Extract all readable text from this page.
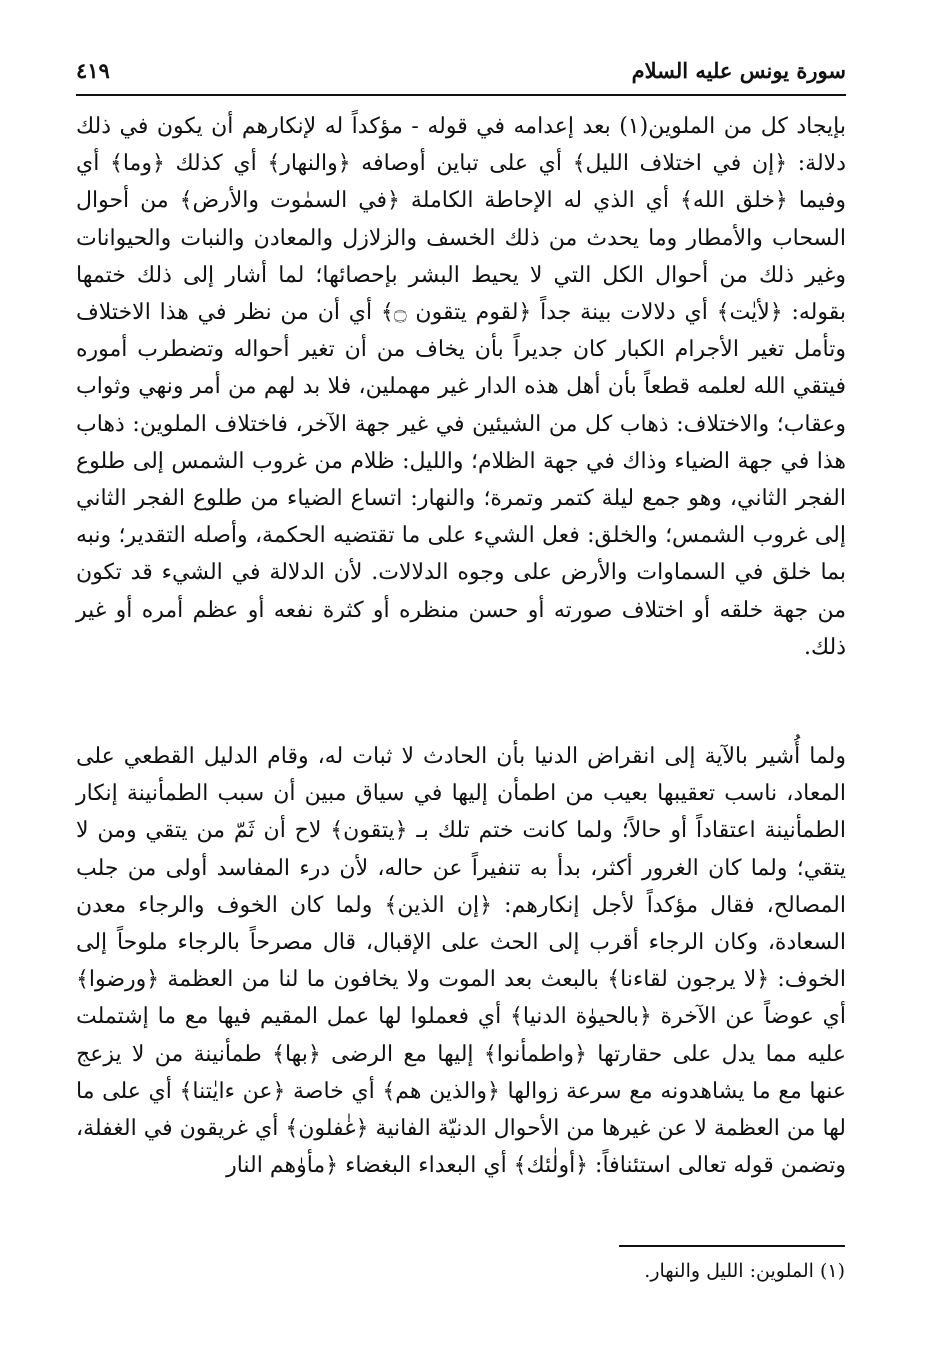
سورة يونس عليه السلام
٤١٩

بإيجاد كل من الملوين(١) بعد إعدامه في قوله - مؤكداً له لإنكارهم أن يكون في ذلك دلالة: ﴿إن في اختلاف الليل﴾ أي على تباين أوصافه ﴿والنهار﴾ أي كذلك ﴿وما﴾ أي وفيما ﴿خلق الله﴾ أي الذي له الإحاطة الكاملة ﴿في السمٰوت والأرض﴾ من أحوال السحاب والأمطار وما يحدث من ذلك الخسف والزلازل والمعادن والنبات والحيوانات وغير ذلك من أحوال الكل التي لا يحيط البشر بإحصائها؛ لما أشار إلى ذلك ختمها بقوله: ﴿لأيٰت﴾ أي دلالات بينة جداً ﴿لقوم يتقون ۝﴾ أي أن من نظر في هذا الاختلاف وتأمل تغير الأجرام الكبار كان جديراً بأن يخاف من أن تغير أحواله وتضطرب أموره فيتقي الله لعلمه قطعاً بأن أهل هذه الدار غير مهملين، فلا بد لهم من أمر ونهي وثواب وعقاب؛ والاختلاف: ذهاب كل من الشيئين في غير جهة الآخر، فاختلاف الملوين: ذهاب هذا في جهة الضياء وذاك في جهة الظلام؛ والليل: ظلام من غروب الشمس إلى طلوع الفجر الثاني، وهو جمع ليلة كتمر وتمرة؛ والنهار: اتساع الضياء من طلوع الفجر الثاني إلى غروب الشمس؛ والخلق: فعل الشيء على ما تقتضيه الحكمة، وأصله التقدير؛ ونبه بما خلق في السماوات والأرض على وجوه الدلالات. لأن الدلالة في الشيء قد تكون من جهة خلقه أو اختلاف صورته أو حسن منظره أو كثرة نفعه أو عظم أمره أو غير ذلك.

ولما أُشير بالآية إلى انقراض الدنيا بأن الحادث لا ثبات له، وقام الدليل القطعي على المعاد، ناسب تعقيبها بعيب من اطمأن إليها في سياق مبين أن سبب الطمأنينة إنكار الطمأنينة اعتقاداً أو حالاً؛ ولما كانت ختم تلك بـ ﴿يتقون﴾ لاح أن ثَمّ من يتقي ومن لا يتقي؛ ولما كان الغرور أكثر، بدأ به تنفيراً عن حاله، لأن درء المفاسد أولى من جلب المصالح، فقال مؤكداً لأجل إنكارهم: ﴿إن الذين﴾ ولما كان الخوف والرجاء معدن السعادة، وكان الرجاء أقرب إلى الحث على الإقبال، قال مصرحاً بالرجاء ملوحاً إلى الخوف: ﴿لا يرجون لقاءنا﴾ بالبعث بعد الموت ولا يخافون ما لنا من العظمة ﴿ورضوا﴾ أي عوضاً عن الآخرة ﴿بالحيوٰة الدنيا﴾ أي فعملوا لها عمل المقيم فيها مع ما إشتملت عليه مما يدل على حقارتها ﴿واطمأنوا﴾ إليها مع الرضى ﴿بها﴾ طمأنينة من لا يزعج عنها مع ما يشاهدونه مع سرعة زوالها ﴿والذين هم﴾ أي خاصة ﴿عن ءايٰتنا﴾ أي على ما لها من العظمة لا عن غيرها من الأحوال الدنيّة الفانية ﴿غٰفلون﴾ أي غريقون في الغفلة، وتضمن قوله تعالى استئنافاً: ﴿أولٰئك﴾ أي البعداء البغضاء ﴿مأوٰهم النار

(١) الملوين: الليل والنهار.
